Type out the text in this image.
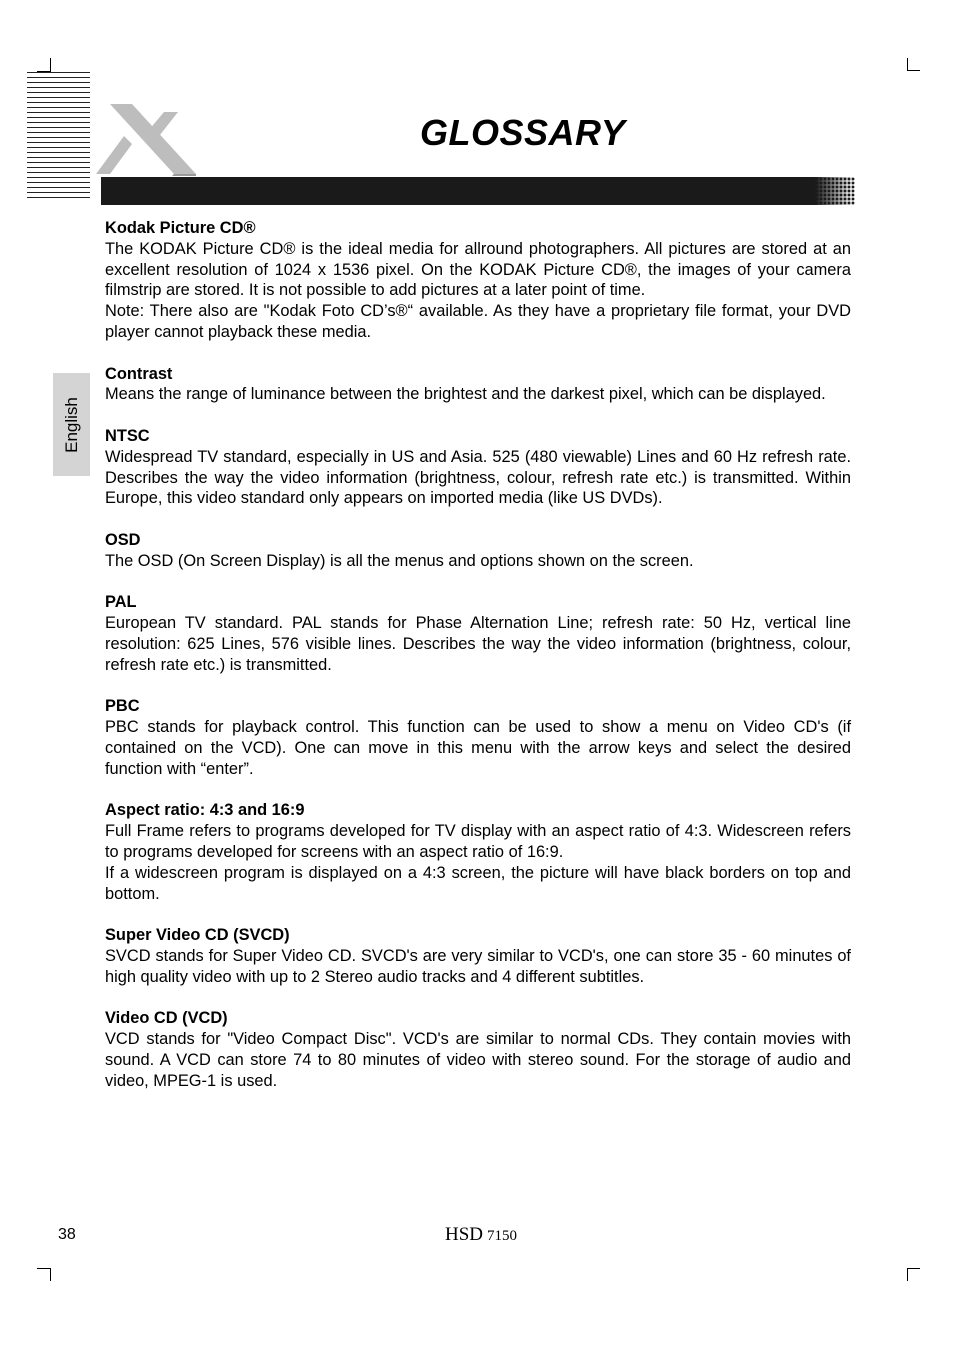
GLOSSARY
English

Kodak Picture CD®

The KODAK Picture CD® is the ideal media for allround photographers. All pictures are stored at an excellent resolution of 1024 x 1536 pixel. On the KODAK Picture CD®, the images of your camera filmstrip are stored. It is not possible to add pictures at a later point of time.

Note: There also are "Kodak Foto CD’s®“ available. As they have a proprietary file format, your DVD player cannot playback these media.

Contrast

Means the range of luminance between the brightest and the darkest pixel, which can be displayed.

NTSC

Widespread TV standard, especially in US and Asia. 525 (480 viewable) Lines and 60 Hz refresh rate. Describes the way the video information (brightness, colour, refresh rate etc.) is transmitted. Within Europe, this video standard only appears on imported media (like US DVDs).

OSD

The OSD (On Screen Display) is all the menus and options shown on the screen.

PAL

European TV standard. PAL stands for Phase Alternation Line; refresh rate: 50 Hz, vertical line resolution: 625 Lines, 576 visible lines. Describes the way the video information (brightness, colour, refresh rate etc.) is transmitted.

PBC

PBC stands for playback control. This function can be used to show a menu on Video CD's (if contained on the VCD). One can move in this menu with the arrow keys and select the desired function with “enter”.

Aspect ratio: 4:3 and 16:9

Full Frame refers to programs developed for TV display with an aspect ratio of 4:3. Widescreen refers to programs developed for screens with an aspect ratio of 16:9.

If a widescreen program is displayed on a 4:3 screen, the picture will have black borders on top and bottom.

Super Video CD (SVCD)

SVCD stands for Super Video CD. SVCD's are very similar to VCD's, one can store 35 - 60 minutes of high quality video with up to 2 Stereo audio tracks and 4 different subtitles.

Video CD (VCD)

VCD stands for "Video Compact Disc". VCD's are similar to normal CDs. They contain movies with sound. A VCD can store 74 to 80 minutes of video with stereo sound. For the storage of audio and video, MPEG-1 is used.

38	HSD 7150
